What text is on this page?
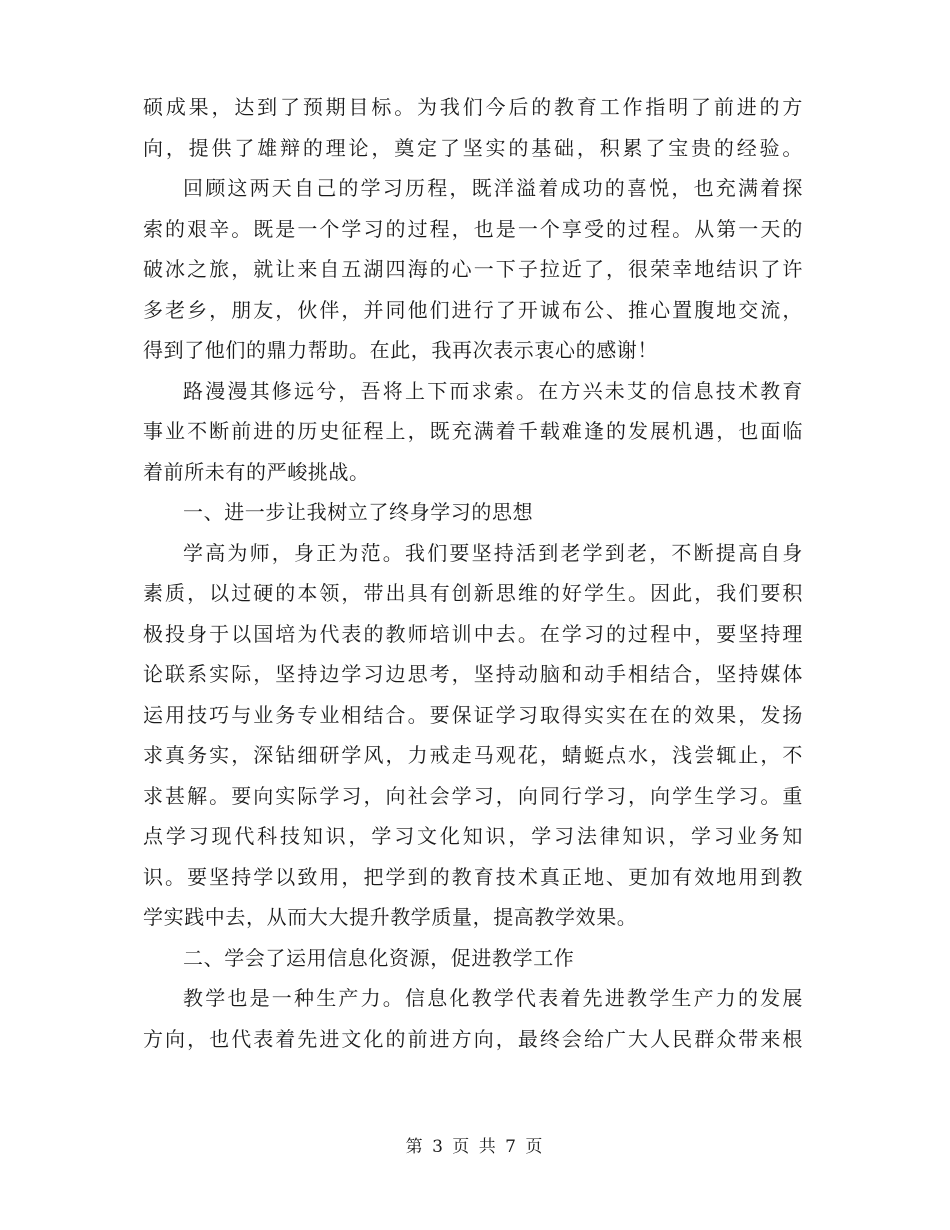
硕成果，达到了预期目标。为我们今后的教育工作指明了前进的方
向，提供了雄辩的理论，奠定了坚实的基础，积累了宝贵的经验。
回顾这两天自己的学习历程，既洋溢着成功的喜悦，也充满着探
索的艰辛。既是一个学习的过程，也是一个享受的过程。从第一天的
破冰之旅，就让来自五湖四海的心一下子拉近了，很荣幸地结识了许
多老乡，朋友，伙伴，并同他们进行了开诚布公、推心置腹地交流，
得到了他们的鼎力帮助。在此，我再次表示衷心的感谢！
路漫漫其修远兮，吾将上下而求索。在方兴未艾的信息技术教育
事业不断前进的历史征程上，既充满着千载难逢的发展机遇，也面临
着前所未有的严峻挑战。
一、进一步让我树立了终身学习的思想
学高为师，身正为范。我们要坚持活到老学到老，不断提高自身
素质，以过硬的本领，带出具有创新思维的好学生。因此，我们要积
极投身于以国培为代表的教师培训中去。在学习的过程中，要坚持理
论联系实际，坚持边学习边思考，坚持动脑和动手相结合，坚持媒体
运用技巧与业务专业相结合。要保证学习取得实实在在的效果，发扬
求真务实，深钻细研学风，力戒走马观花，蜻蜓点水，浅尝辄止，不
求甚解。要向实际学习，向社会学习，向同行学习，向学生学习。重
点学习现代科技知识，学习文化知识，学习法律知识，学习业务知
识。要坚持学以致用，把学到的教育技术真正地、更加有效地用到教
学实践中去，从而大大提升教学质量，提高教学效果。
二、学会了运用信息化资源，促进教学工作
教学也是一种生产力。信息化教学代表着先进教学生产力的发展
方向，也代表着先进文化的前进方向，最终会给广大人民群众带来根
第 3 页 共 7 页
